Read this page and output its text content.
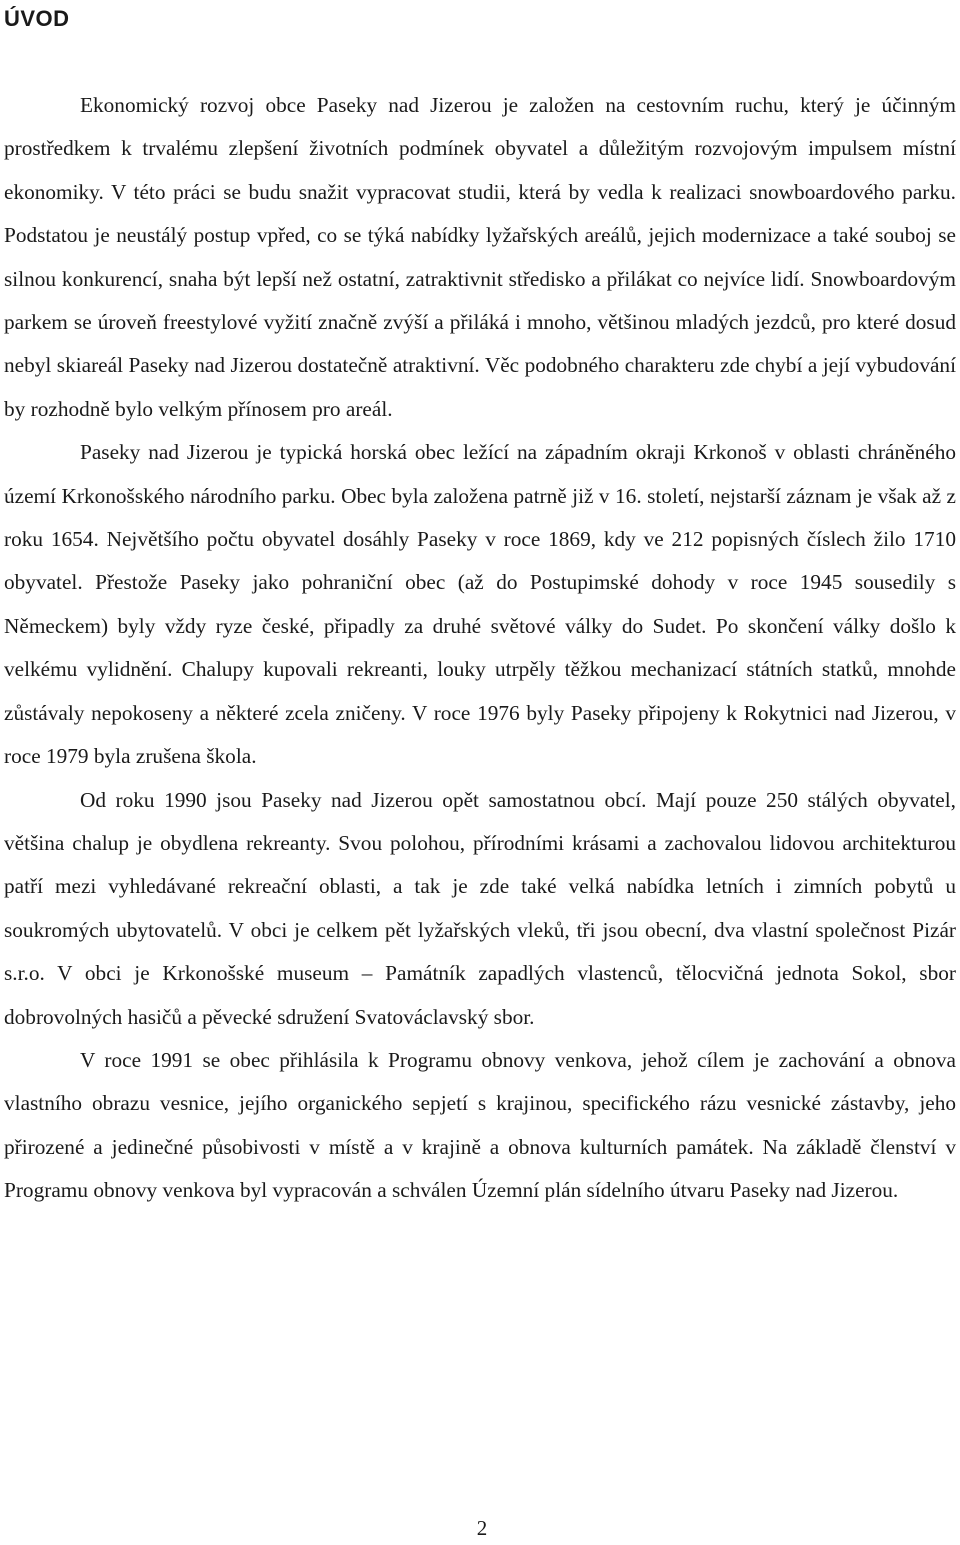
ÚVOD

Ekonomický rozvoj obce Paseky nad Jizerou je založen na cestovním ruchu, který je účinným prostředkem k trvalému zlepšení životních podmínek obyvatel a důležitým rozvojovým impulsem místní ekonomiky. V této práci se budu snažit vypracovat studii, která by vedla k realizaci snowboardového parku. Podstatou je neustálý postup vpřed, co se týká nabídky lyžařských areálů, jejich modernizace a také souboj se silnou konkurencí, snaha být lepší než ostatní, zatraktivnit středisko a přilákat co nejvíce lidí. Snowboardovým parkem se úroveň freestylové vyžití značně zvýší a přiláká i mnoho, většinou mladých jezdců, pro které dosud nebyl skiareál Paseky nad Jizerou dostatečně atraktivní. Věc podobného charakteru zde chybí a její vybudování by rozhodně bylo velkým přínosem pro areál.

Paseky nad Jizerou je typická horská obec ležící na západním okraji Krkonoš v oblasti chráněného území Krkonošského národního parku. Obec byla založena patrně již v 16. století, nejstarší záznam je však až z roku 1654. Největšího počtu obyvatel dosáhly Paseky v roce 1869, kdy ve 212 popisných číslech žilo 1710 obyvatel. Přestože Paseky jako pohraniční obec (až do Postupimské dohody v roce 1945 sousedily s Německem) byly vždy ryze české, připadly za druhé světové války do Sudet. Po skončení války došlo k velkému vylidnění. Chalupy kupovali rekreanti, louky utrpěly těžkou mechanizací státních statků, mnohde zůstávaly nepokoseny a některé zcela zničeny. V roce 1976 byly Paseky připojeny k Rokytnici nad Jizerou, v roce 1979 byla zrušena škola.

Od roku 1990 jsou Paseky nad Jizerou opět samostatnou obcí. Mají pouze 250 stálých obyvatel, většina chalup je obydlena rekreanty. Svou polohou, přírodními krásami a zachovalou lidovou architekturou patří mezi vyhledávané rekreační oblasti, a tak je zde také velká nabídka letních i zimních pobytů u soukromých ubytovatelů. V obci je celkem pět lyžařských vleků, tři jsou obecní, dva vlastní společnost Pizár s.r.o. V obci je Krkonošské museum – Památník zapadlých vlastenců, tělocvičná jednota Sokol, sbor dobrovolných hasičů a pěvecké sdružení Svatováclavský sbor.

V roce 1991 se obec přihlásila k Programu obnovy venkova, jehož cílem je zachování a obnova vlastního obrazu vesnice, jejího organického sepjetí s krajinou, specifického rázu vesnické zástavby, jeho přirozené a jedinečné působivosti v místě a v krajině a obnova kulturních památek. Na základě členství v Programu obnovy venkova byl vypracován a schválen Územní plán sídelního útvaru Paseky nad Jizerou.

2
